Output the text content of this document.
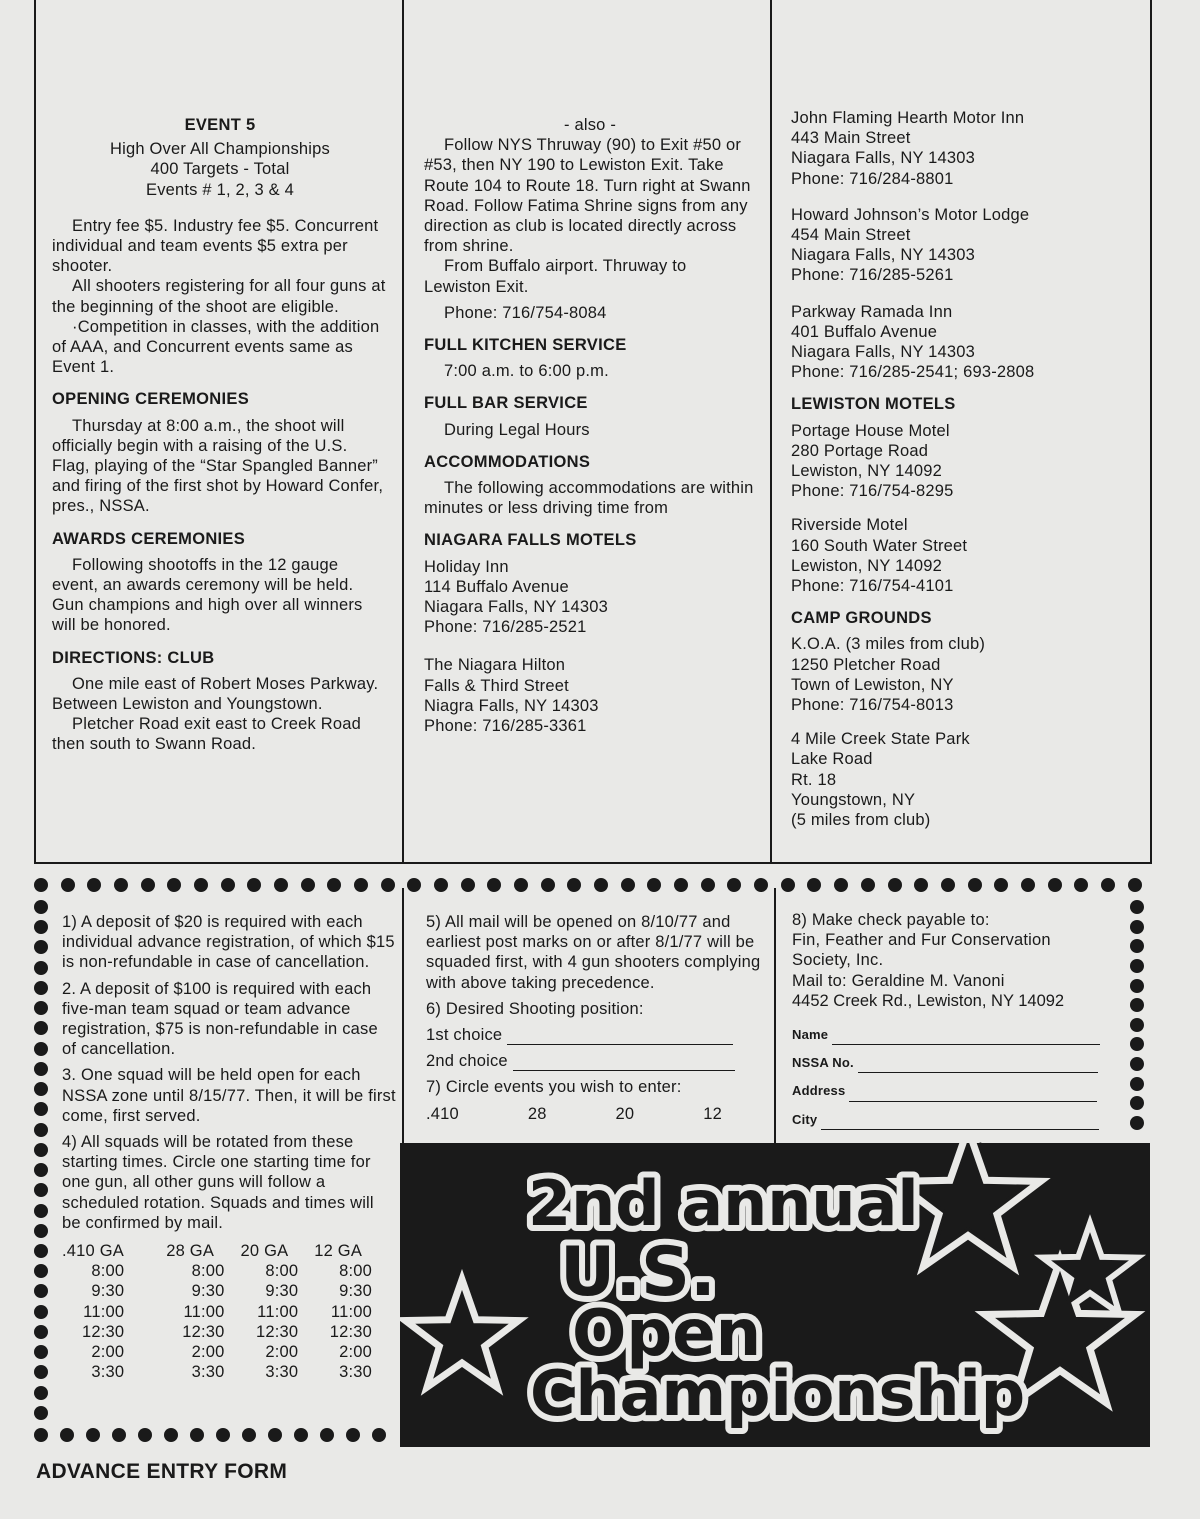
EVENT 5
High Over All Championships
400 Targets - Total
Events # 1, 2, 3 & 4
Entry fee $5. Industry fee $5. Concurrent individual and team events $5 extra per shooter.
All shooters registering for all four guns at the beginning of the shoot are eligible.
·Competition in classes, with the addition of AAA, and Concurrent events same as Event 1.
OPENING CEREMONIES
Thursday at 8:00 a.m., the shoot will officially begin with a raising of the U.S. Flag, playing of the “Star Spangled Banner” and firing of the first shot by Howard Confer, pres., NSSA.
AWARDS CEREMONIES
Following shootoffs in the 12 gauge event, an awards ceremony will be held. Gun champions and high over all winners will be honored.
DIRECTIONS: CLUB
One mile east of Robert Moses Parkway. Between Lewiston and Youngstown.
Pletcher Road exit east to Creek Road then south to Swann Road.
- also -
Follow NYS Thruway (90) to Exit #50 or #53, then NY 190 to Lewiston Exit. Take Route 104 to Route 18. Turn right at Swann Road. Follow Fatima Shrine signs from any direction as club is located directly across from shrine.
From Buffalo airport. Thruway to Lewiston Exit.
Phone: 716/754-8084
FULL KITCHEN SERVICE
7:00 a.m. to 6:00 p.m.
FULL BAR SERVICE
During Legal Hours
ACCOMMODATIONS
The following accommodations are within minutes or less driving time from
NIAGARA FALLS MOTELS
Holiday Inn
114 Buffalo Avenue
Niagara Falls, NY 14303
Phone: 716/285-2521
The Niagara Hilton
Falls & Third Street
Niagra Falls, NY 14303
Phone: 716/285-3361
John Flaming Hearth Motor Inn
443 Main Street
Niagara Falls, NY 14303
Phone: 716/284-8801
Howard Johnson’s Motor Lodge
454 Main Street
Niagara Falls, NY 14303
Phone: 716/285-5261
Parkway Ramada Inn
401 Buffalo Avenue
Niagara Falls, NY 14303
Phone: 716/285-2541; 693-2808
LEWISTON MOTELS
Portage House Motel
280 Portage Road
Lewiston, NY 14092
Phone: 716/754-8295
Riverside Motel
160 South Water Street
Lewiston, NY 14092
Phone: 716/754-4101
CAMP GROUNDS
K.O.A. (3 miles from club)
1250 Pletcher Road
Town of Lewiston, NY
Phone: 716/754-8013
4 Mile Creek State Park
Lake Road
Rt. 18
Youngstown, NY
(5 miles from club)
1) A deposit of $20 is required with each individual advance registration, of which $15 is non-refundable in case of cancellation.
2. A deposit of $100 is required with each five-man team squad or team advance registration, $75 is non-refundable in case of cancellation.
3. One squad will be held open for each NSSA zone until 8/15/77. Then, it will be first come, first served.
4) All squads will be rotated from these starting times. Circle one starting time for one gun, all other guns will follow a scheduled rotation. Squads and times will be confirmed by mail.
.410 GA	28 GA	20 GA	12 GA
8:00	8:00	8:00	8:00
9:30	9:30	9:30	9:30
11:00	11:00	11:00	11:00
12:30	12:30	12:30	12:30
2:00	2:00	2:00	2:00
3:30	3:30	3:30	3:30
5) All mail will be opened on 8/10/77 and earliest post marks on or after 8/1/77 will be squaded first, with 4 gun shooters complying with above taking precedence.
6) Desired Shooting position:
1st choice
2nd choice
7) Circle events you wish to enter:
.410	28	20	12
8) Make check payable to:
Fin, Feather and Fur Conservation
Society, Inc.
Mail to: Geraldine M. Vanoni
4452 Creek Rd., Lewiston, NY 14092
Name
NSSA No.
Address
City

2nd annual
U.S.
Open
Championship
ADVANCE ENTRY FORM
